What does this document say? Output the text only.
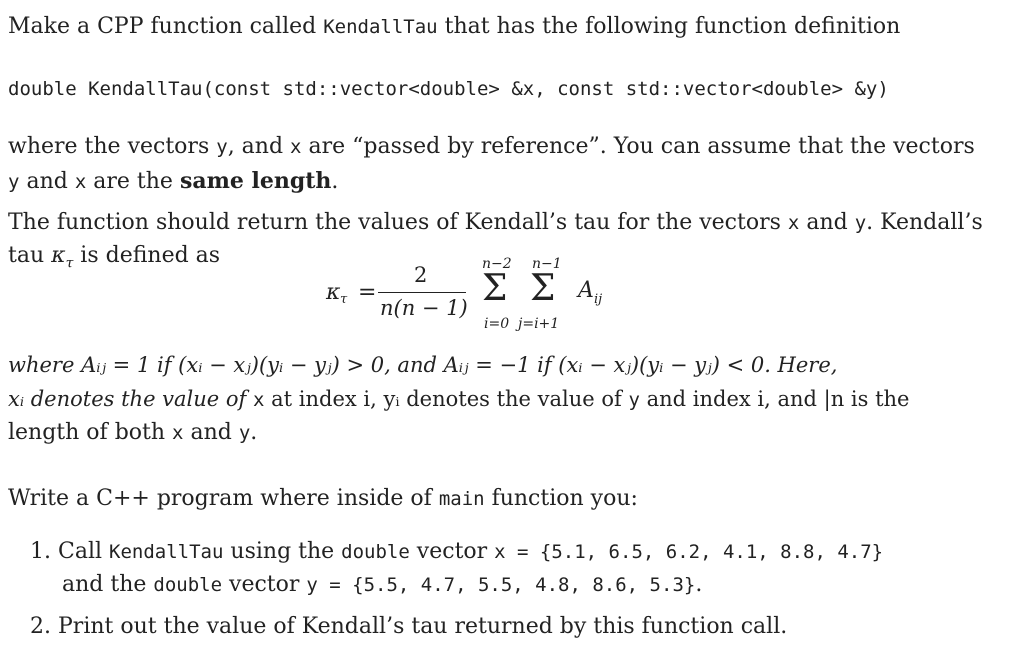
Make a CPP function called KendallTau that has the following function definition
double KendallTau(const std::vector<double> &x, const std::vector<double> &y)
where the vectors y, and x are “passed by reference”. You can assume that the vectors
y and x are the same length.
The function should return the values of Kendall’s tau for the vectors x and y. Kendall’s
tau $\kappa_\tau$ is defined as
κ τ =
2
n(n − 1)
n−2
Σ
i=0
n−1
Σ
j=i+1
A ij
where Aᵢⱼ = 1 if (xᵢ − xⱼ)(yᵢ − yⱼ) > 0, and Aᵢⱼ = −1 if (xᵢ − xⱼ)(yᵢ − yⱼ) < 0. Here,
xᵢ denotes the value of x at index i, yᵢ denotes the value of y and index i, and |n is the
length of both x and y.
Write a C++ program where inside of main function you:
1. Call KendallTau using the double vector x = {5.1, 6.5, 6.2, 4.1, 8.8, 4.7}
and the double vector y = {5.5, 4.7, 5.5, 4.8, 8.6, 5.3}.
2. Print out the value of Kendall’s tau returned by this function call.
